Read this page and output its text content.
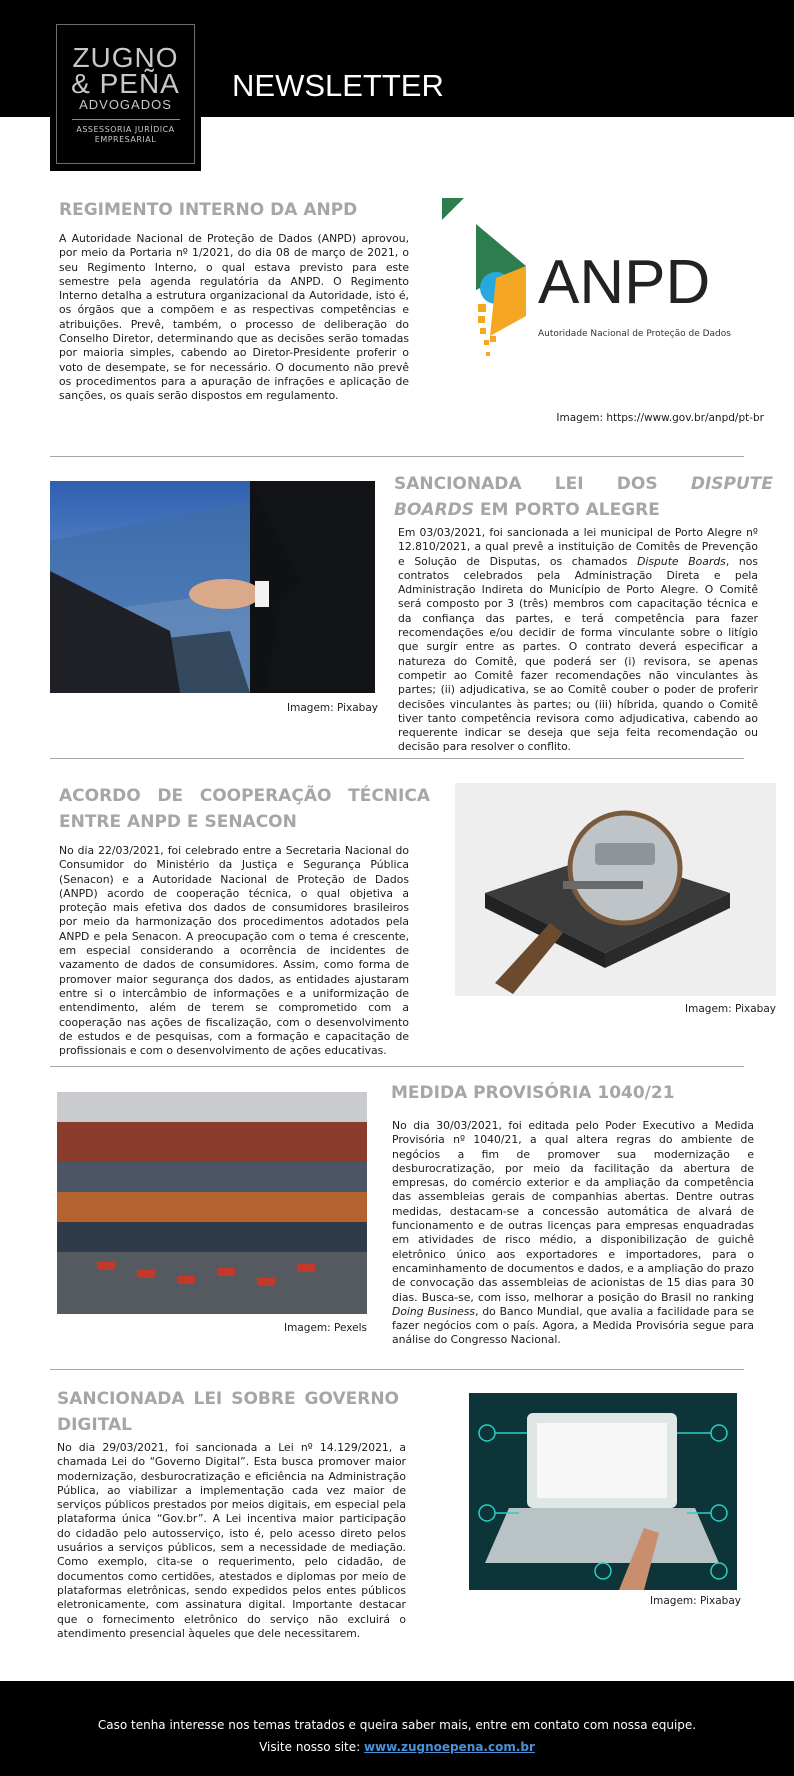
NEWSLETTER
ZUGNO
& PEÑA
ADVOGADOS
ASSESSORIA JURÍDICA
EMPRESARIAL
REGIMENTO INTERNO DA ANPD
A Autoridade Nacional de Proteção de Dados (ANPD) aprovou, por meio da Portaria nº 1/2021, do dia 08 de março de 2021, o seu Regimento Interno, o qual estava previsto para este semestre pela agenda regulatória da ANPD. O Regimento Interno detalha a estrutura organizacional da Autoridade, isto é, os órgãos que a compõem e as respectivas competências e atribuições. Prevê, também, o processo de deliberação do Conselho Diretor, determinando que as decisões serão tomadas por maioria simples, cabendo ao Diretor-Presidente proferir o voto de desempate, se for necessário. O documento não prevê os procedimentos para a apuração de infrações e aplicação de sanções, os quais serão dispostos em regulamento.
ANPD
Autoridade Nacional de Proteção de Dados
Imagem: https://www.gov.br/anpd/pt-br
Imagem: Pixabay
SANCIONADA LEI DOS DISPUTE BOARDS EM PORTO ALEGRE
Em 03/03/2021, foi sancionada a lei municipal de Porto Alegre nº 12.810/2021, a qual prevê a instituição de Comitês de Prevenção e Solução de Disputas, os chamados Dispute Boards, nos contratos celebrados pela Administração Direta e pela Administração Indireta do Município de Porto Alegre. O Comitê será composto por 3 (três) membros com capacitação técnica e da confiança das partes, e terá competência para fazer recomendações e/ou decidir de forma vinculante sobre o litígio que surgir entre as partes. O contrato deverá especificar a natureza do Comitê, que poderá ser (i) revisora, se apenas competir ao Comitê fazer recomendações não vinculantes às partes; (ii) adjudicativa, se ao Comitê couber o poder de proferir decisões vinculantes às partes; ou (iii) híbrida, quando o Comitê tiver tanto competência revisora como adjudicativa, cabendo ao requerente indicar se deseja que seja feita recomendação ou decisão para resolver o conflito.
ACORDO DE COOPERAÇÃO TÉCNICA ENTRE ANPD E SENACON
No dia 22/03/2021, foi celebrado entre a Secretaria Nacional do Consumidor do Ministério da Justiça e Segurança Pública (Senacon) e a Autoridade Nacional de Proteção de Dados (ANPD) acordo de cooperação técnica, o qual objetiva a proteção mais efetiva dos dados de consumidores brasileiros por meio da harmonização dos procedimentos adotados pela ANPD e pela Senacon. A preocupação com o tema é crescente, em especial considerando a ocorrência de incidentes de vazamento de dados de consumidores. Assim, como forma de promover maior segurança dos dados, as entidades ajustaram entre si o intercâmbio de informações e a uniformização de entendimento, além de terem se comprometido com a cooperação nas ações de fiscalização, com o desenvolvimento de estudos e de pesquisas, com a formação e capacitação de profissionais e com o desenvolvimento de ações educativas.
Imagem: Pixabay
Imagem: Pexels
MEDIDA PROVISÓRIA 1040/21
No dia 30/03/2021, foi editada pelo Poder Executivo a Medida Provisória nº 1040/21, a qual altera regras do ambiente de negócios a fim de promover sua modernização e desburocratização, por meio da facilitação da abertura de empresas, do comércio exterior e da ampliação da competência das assembleias gerais de companhias abertas. Dentre outras medidas, destacam-se a concessão automática de alvará de funcionamento e de outras licenças para empresas enquadradas em atividades de risco médio, a disponibilização de guichê eletrônico único aos exportadores e importadores, para o encaminhamento de documentos e dados, e a ampliação do prazo de convocação das assembleias de acionistas de 15 dias para 30 dias. Busca-se, com isso, melhorar a posição do Brasil no ranking Doing Business, do Banco Mundial, que avalia a facilidade para se fazer negócios com o país. Agora, a Medida Provisória segue para análise do Congresso Nacional.
SANCIONADA LEI SOBRE GOVERNO DIGITAL
No dia 29/03/2021, foi sancionada a Lei nº 14.129/2021, a chamada Lei do “Governo Digital”. Esta busca promover maior modernização, desburocratização e eficiência na Administração Pública, ao viabilizar a implementação cada vez maior de serviços públicos prestados por meios digitais, em especial pela plataforma única “Gov.br”. A Lei incentiva maior participação do cidadão pelo autosserviço, isto é, pelo acesso direto pelos usuários a serviços públicos, sem a necessidade de mediação. Como exemplo, cita-se o requerimento, pelo cidadão, de documentos como certidões, atestados e diplomas por meio de plataformas eletrônicas, sendo expedidos pelos entes públicos eletronicamente, com assinatura digital. Importante destacar que o fornecimento eletrônico do serviço não excluirá o atendimento presencial àqueles que dele necessitarem.
Imagem: Pixabay
Caso tenha interesse nos temas tratados e queira saber mais, entre em contato com nossa equipe.
Visite nosso site: www.zugnoepena.com.br
